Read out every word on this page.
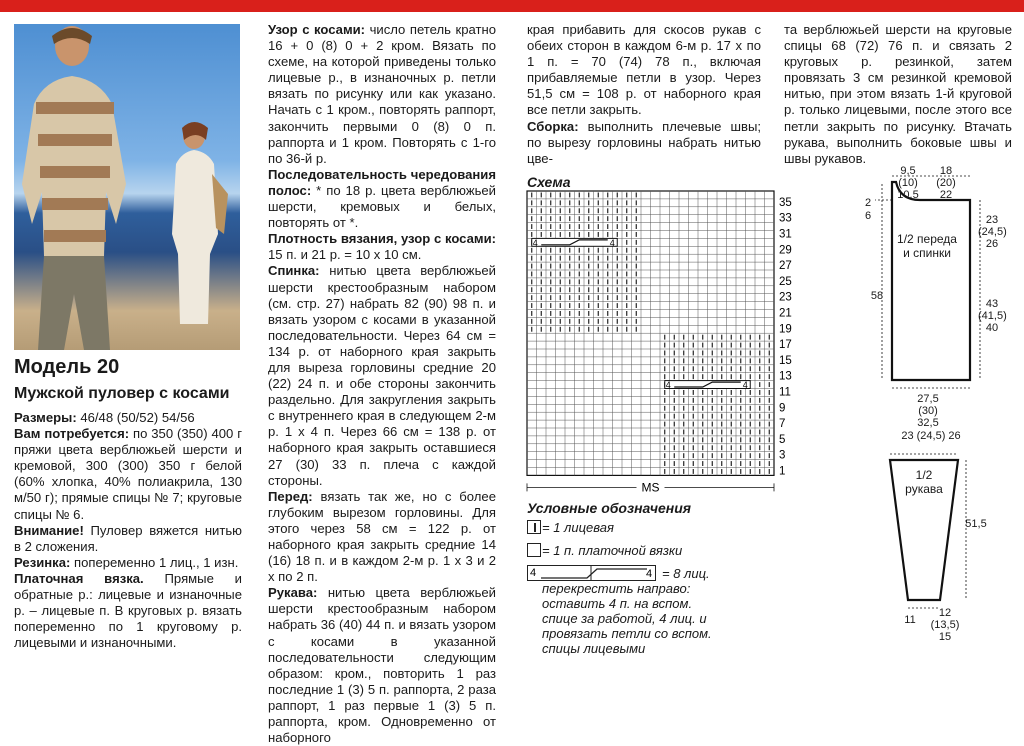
Модель 20
Мужской пуловер с косами

Размеры: 46/48 (50/52) 54/56

Вам потребуется: по 350 (350) 400 г пряжи цвета верблюжьей шерсти и кремовой, 300 (300) 350 г белой (60% хлопка, 40% полиакрила, 130 м/50 г); прямые спицы № 7; круговые спицы № 6.

Внимание! Пуловер вяжется нитью в 2 сложения.

Резинка: попеременно 1 лиц., 1 изн.

Платочная вязка. Прямые и обратные р.: лицевые и изнаночные р. – лицевые п. В круговых р. вязать попеременно по 1 круговому р. лицевыми и изнаночными.

Узор с косами: число петель кратно 16 + 0 (8) 0 + 2 кром. Вязать по схеме, на которой приведены только лицевые р., в изнаночных р. петли вязать по рисунку или как указано. Начать с 1 кром., повторять раппорт, закончить первыми 0 (8) 0 п. раппорта и 1 кром. Повторять с 1-го по 36-й р.

Последовательность чередования полос: * по 18 р. цвета верблюжьей шерсти, кремовых и белых, повторять от *.

Плотность вязания, узор с косами: 15 п. и 21 р. = 10 х 10 см.

Спинка: нитью цвета верблюжьей шерсти крестообразным набором (см. стр. 27) набрать 82 (90) 98 п. и вязать узором с косами в указанной последовательности. Через 64 см = 134 р. от наборного края закрыть для выреза горловины средние 20 (22) 24 п. и обе стороны закончить раздельно. Для закругления закрыть с внутреннего края в следующем 2-м р. 1 х 4 п. Через 66 см = 138 р. от наборного края закрыть оставшиеся 27 (30) 33 п. плеча с каждой стороны.

Перед: вязать так же, но с более глубоким вырезом горловины. Для этого через 58 см = 122 р. от наборного края закрыть средние 14 (16) 18 п. и в каждом 2-м р. 1 х 3 и 2 х по 2 п.

Рукава: нитью цвета верблюжьей шерсти крестообразным набором набрать 36 (40) 44 п. и вязать узором с косами в указанной последовательности следующим образом: кром., повторить 1 раз последние 1 (3) 5 п. раппорта, 2 раза раппорт, 1 раз первые 1 (3) 5 п. раппорта, кром. Одновременно от наборного

края прибавить для скосов рукав с обеих сторон в каждом 6-м р. 17 х по 1 п. = 70 (74) 78 п., включая прибавляемые петли в узор. Через 51,5 см = 108 р. от наборного края все петли закрыть.

Сборка: выполнить плечевые швы; по вырезу горловины набрать нитью цве-

та верблюжьей шерсти на круговые спицы 68 (72) 76 п. и связать 2 круговых р. резинкой, затем провязать 3 см резинкой кремовой нитью, при этом вязать 1-й круговой р. только лицевыми, после этого все петли закрыть по рисунку. Втачать рукава, выполнить боковые швы и швы рукавов.

Схема
4	4
4	4
35
33
31
29
27
25
23
21
19
17
15
13
11
9
7
5
3
1
MS
Условные обозначения
= 1 лицевая
= 1 п. платочной вязки
4	4 = 8 лиц. перекрестить направо: оставить 4 п. на вспом. спице за работой, 4 лиц. и провязать петли со вспом. спицы лицевыми
9,5 (10) 10,5
18 (20) 22
2
6
1/2 переда и спинки
23 (24,5) 26
58
43 (41,5) 40
27,5 (30) 32,5
23 (24,5) 26
1/2 рукава
51,5
12 (13,5) 15
11
